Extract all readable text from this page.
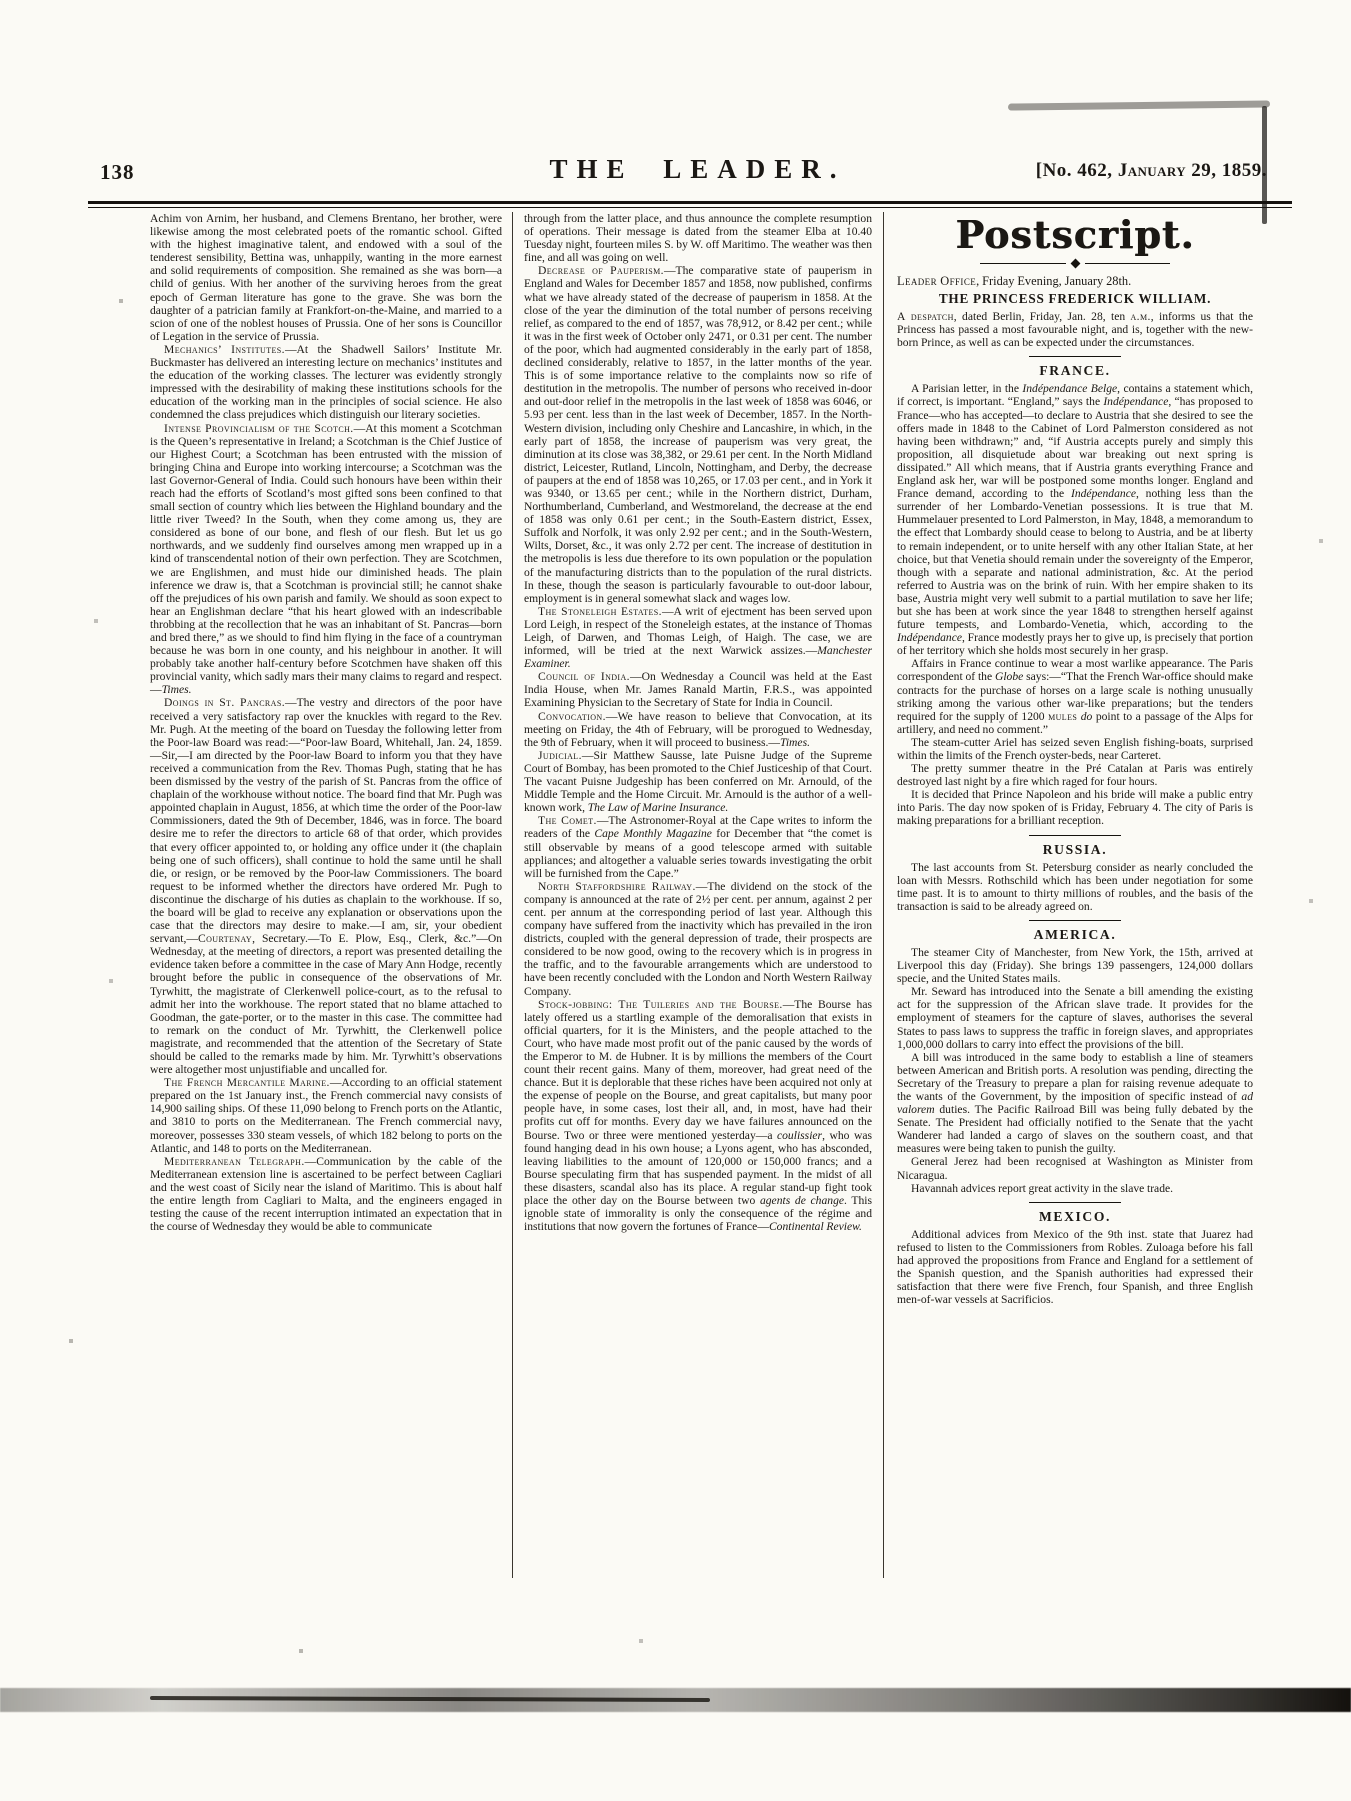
138	THE LEADER.	[No. 462, January 29, 1859.

Achim von Arnim, her husband, and Clemens Brentano, her brother, were likewise among the most celebrated poets of the romantic school. Gifted with the highest imaginative talent, and endowed with a soul of the tenderest sensibility, Bettina was, unhappily, wanting in the more earnest and solid requirements of composition. She remained as she was born—a child of genius. With her another of the surviving heroes from the great epoch of German literature has gone to the grave. She was born the daughter of a patrician family at Frankfort-on-the-Maine, and married to a scion of one of the noblest houses of Prussia. One of her sons is Councillor of Legation in the service of Prussia.

Mechanics’ Institutes.—At the Shadwell Sailors’ Institute Mr. Buckmaster has delivered an interesting lecture on mechanics’ institutes and the education of the working classes. The lecturer was evidently strongly impressed with the desirability of making these institutions schools for the education of the working man in the principles of social science. He also condemned the class prejudices which distinguish our literary societies.

Intense Provincialism of the Scotch.—At this moment a Scotchman is the Queen’s representative in Ireland; a Scotchman is the Chief Justice of our Highest Court; a Scotchman has been entrusted with the mission of bringing China and Europe into working intercourse; a Scotchman was the last Governor-General of India. Could such honours have been within their reach had the efforts of Scotland’s most gifted sons been confined to that small section of country which lies between the Highland boundary and the little river Tweed? In the South, when they come among us, they are considered as bone of our bone, and flesh of our flesh. But let us go northwards, and we suddenly find ourselves among men wrapped up in a kind of transcendental notion of their own perfection. They are Scotchmen, we are Englishmen, and must hide our diminished heads. The plain inference we draw is, that a Scotchman is provincial still; he cannot shake off the prejudices of his own parish and family. We should as soon expect to hear an Englishman declare “that his heart glowed with an indescribable throbbing at the recollection that he was an inhabitant of St. Pancras—born and bred there,” as we should to find him flying in the face of a countryman because he was born in one county, and his neighbour in another. It will probably take another half-century before Scotchmen have shaken off this provincial vanity, which sadly mars their many claims to regard and respect.—Times.

Doings in St. Pancras.—The vestry and directors of the poor have received a very satisfactory rap over the knuckles with regard to the Rev. Mr. Pugh. At the meeting of the board on Tuesday the following letter from the Poor-law Board was read:—“Poor-law Board, Whitehall, Jan. 24, 1859.—Sir,—I am directed by the Poor-law Board to inform you that they have received a communication from the Rev. Thomas Pugh, stating that he has been dismissed by the vestry of the parish of St. Pancras from the office of chaplain of the workhouse without notice. The board find that Mr. Pugh was appointed chaplain in August, 1856, at which time the order of the Poor-law Commissioners, dated the 9th of December, 1846, was in force. The board desire me to refer the directors to article 68 of that order, which provides that every officer appointed to, or holding any office under it (the chaplain being one of such officers), shall continue to hold the same until he shall die, or resign, or be removed by the Poor-law Commissioners. The board request to be informed whether the directors have ordered Mr. Pugh to discontinue the discharge of his duties as chaplain to the workhouse. If so, the board will be glad to receive any explanation or observations upon the case that the directors may desire to make.—I am, sir, your obedient servant,—Courtenay, Secretary.—To E. Plow, Esq., Clerk, &c.”—On Wednesday, at the meeting of directors, a report was presented detailing the evidence taken before a committee in the case of Mary Ann Hodge, recently brought before the public in consequence of the observations of Mr. Tyrwhitt, the magistrate of Clerkenwell police-court, as to the refusal to admit her into the workhouse. The report stated that no blame attached to Goodman, the gate-porter, or to the master in this case. The committee had to remark on the conduct of Mr. Tyrwhitt, the Clerkenwell police magistrate, and recommended that the attention of the Secretary of State should be called to the remarks made by him. Mr. Tyrwhitt’s observations were altogether most unjustifiable and uncalled for.

The French Mercantile Marine.—According to an official statement prepared on the 1st January inst., the French commercial navy consists of 14,900 sailing ships. Of these 11,090 belong to French ports on the Atlantic, and 3810 to ports on the Mediterranean. The French commercial navy, moreover, possesses 330 steam vessels, of which 182 belong to ports on the Atlantic, and 148 to ports on the Mediterranean.

Mediterranean Telegraph.—Communication by the cable of the Mediterranean extension line is ascertained to be perfect between Cagliari and the west coast of Sicily near the island of Maritimo. This is about half the entire length from Cagliari to Malta, and the engineers engaged in testing the cause of the recent interruption intimated an expectation that in the course of Wednesday they would be able to communicate

through from the latter place, and thus announce the complete resumption of operations. Their message is dated from the steamer Elba at 10.40 Tuesday night, fourteen miles S. by W. off Maritimo. The weather was then fine, and all was going on well.

Decrease of Pauperism.—The comparative state of pauperism in England and Wales for December 1857 and 1858, now published, confirms what we have already stated of the decrease of pauperism in 1858. At the close of the year the diminution of the total number of persons receiving relief, as compared to the end of 1857, was 78,912, or 8.42 per cent.; while it was in the first week of October only 2471, or 0.31 per cent. The number of the poor, which had augmented considerably in the early part of 1858, declined considerably, relative to 1857, in the latter months of the year. This is of some importance relative to the complaints now so rife of destitution in the metropolis. The number of persons who received in-door and out-door relief in the metropolis in the last week of 1858 was 6046, or 5.93 per cent. less than in the last week of December, 1857. In the North-Western division, including only Cheshire and Lancashire, in which, in the early part of 1858, the increase of pauperism was very great, the diminution at its close was 38,382, or 29.61 per cent. In the North Midland district, Leicester, Rutland, Lincoln, Nottingham, and Derby, the decrease of paupers at the end of 1858 was 10,265, or 17.03 per cent., and in York it was 9340, or 13.65 per cent.; while in the Northern district, Durham, Northumberland, Cumberland, and Westmoreland, the decrease at the end of 1858 was only 0.61 per cent.; in the South-Eastern district, Essex, Suffolk and Norfolk, it was only 2.92 per cent.; and in the South-Western, Wilts, Dorset, &c., it was only 2.72 per cent. The increase of destitution in the metropolis is less due therefore to its own population or the population of the manufacturing districts than to the population of the rural districts. In these, though the season is particularly favourable to out-door labour, employment is in general somewhat slack and wages low.

The Stoneleigh Estates.—A writ of ejectment has been served upon Lord Leigh, in respect of the Stoneleigh estates, at the instance of Thomas Leigh, of Darwen, and Thomas Leigh, of Haigh. The case, we are informed, will be tried at the next Warwick assizes.—Manchester Examiner.

Council of India.—On Wednesday a Council was held at the East India House, when Mr. James Ranald Martin, F.R.S., was appointed Examining Physician to the Secretary of State for India in Council.

Convocation.—We have reason to believe that Convocation, at its meeting on Friday, the 4th of February, will be prorogued to Wednesday, the 9th of February, when it will proceed to business.—Times.

Judicial.—Sir Matthew Sausse, late Puisne Judge of the Supreme Court of Bombay, has been promoted to the Chief Justiceship of that Court. The vacant Puisne Judgeship has been conferred on Mr. Arnould, of the Middle Temple and the Home Circuit. Mr. Arnould is the author of a well-known work, The Law of Marine Insurance.

The Comet.—The Astronomer-Royal at the Cape writes to inform the readers of the Cape Monthly Magazine for December that “the comet is still observable by means of a good telescope armed with suitable appliances; and altogether a valuable series towards investigating the orbit will be furnished from the Cape.”

North Staffordshire Railway.—The dividend on the stock of the company is announced at the rate of 2½ per cent. per annum, against 2 per cent. per annum at the corresponding period of last year. Although this company have suffered from the inactivity which has prevailed in the iron districts, coupled with the general depression of trade, their prospects are considered to be now good, owing to the recovery which is in progress in the traffic, and to the favourable arrangements which are understood to have been recently concluded with the London and North Western Railway Company.

Stock-jobbing: The Tuileries and the Bourse.—The Bourse has lately offered us a startling example of the demoralisation that exists in official quarters, for it is the Ministers, and the people attached to the Court, who have made most profit out of the panic caused by the words of the Emperor to M. de Hubner. It is by millions the members of the Court count their recent gains. Many of them, moreover, had great need of the chance. But it is deplorable that these riches have been acquired not only at the expense of people on the Bourse, and great capitalists, but many poor people have, in some cases, lost their all, and, in most, have had their profits cut off for months. Every day we have failures announced on the Bourse. Two or three were mentioned yesterday—a coulissier, who was found hanging dead in his own house; a Lyons agent, who has absconded, leaving liabilities to the amount of 120,000 or 150,000 francs; and a Bourse speculating firm that has suspended payment. In the midst of all these disasters, scandal also has its place. A regular stand-up fight took place the other day on the Bourse between two agents de change. This ignoble state of immorality is only the consequence of the régime and institutions that now govern the fortunes of France—Continental Review.

Postscript.

Leader Office, Friday Evening, January 28th.

THE PRINCESS FREDERICK WILLIAM.

A despatch, dated Berlin, Friday, Jan. 28, ten a.m., informs us that the Princess has passed a most favourable night, and is, together with the new-born Prince, as well as can be expected under the circumstances.

FRANCE.

A Parisian letter, in the Indépendance Belge, contains a statement which, if correct, is important. “England,” says the Indépendance, “has proposed to France—who has accepted—to declare to Austria that she desired to see the offers made in 1848 to the Cabinet of Lord Palmerston considered as not having been withdrawn;” and, “if Austria accepts purely and simply this proposition, all disquietude about war breaking out next spring is dissipated.” All which means, that if Austria grants everything France and England ask her, war will be postponed some months longer. England and France demand, according to the Indépendance, nothing less than the surrender of her Lombardo-Venetian possessions. It is true that M. Hummelauer presented to Lord Palmerston, in May, 1848, a memorandum to the effect that Lombardy should cease to belong to Austria, and be at liberty to remain independent, or to unite herself with any other Italian State, at her choice, but that Venetia should remain under the sovereignty of the Emperor, though with a separate and national administration, &c. At the period referred to Austria was on the brink of ruin. With her empire shaken to its base, Austria might very well submit to a partial mutilation to save her life; but she has been at work since the year 1848 to strengthen herself against future tempests, and Lombardo-Venetia, which, according to the Indépendance, France modestly prays her to give up, is precisely that portion of her territory which she holds most securely in her grasp.

Affairs in France continue to wear a most warlike appearance. The Paris correspondent of the Globe says:—“That the French War-office should make contracts for the purchase of horses on a large scale is nothing unusually striking among the various other war-like preparations; but the tenders required for the supply of 1200 mules do point to a passage of the Alps for artillery, and need no comment.”

The steam-cutter Ariel has seized seven English fishing-boats, surprised within the limits of the French oyster-beds, near Carteret.

The pretty summer theatre in the Pré Catalan at Paris was entirely destroyed last night by a fire which raged for four hours.

It is decided that Prince Napoleon and his bride will make a public entry into Paris. The day now spoken of is Friday, February 4. The city of Paris is making preparations for a brilliant reception.

RUSSIA.

The last accounts from St. Petersburg consider as nearly concluded the loan with Messrs. Rothschild which has been under negotiation for some time past. It is to amount to thirty millions of roubles, and the basis of the transaction is said to be already agreed on.

AMERICA.

The steamer City of Manchester, from New York, the 15th, arrived at Liverpool this day (Friday). She brings 139 passengers, 124,000 dollars specie, and the United States mails.

Mr. Seward has introduced into the Senate a bill amending the existing act for the suppression of the African slave trade. It provides for the employment of steamers for the capture of slaves, authorises the several States to pass laws to suppress the traffic in foreign slaves, and appropriates 1,000,000 dollars to carry into effect the provisions of the bill.

A bill was introduced in the same body to establish a line of steamers between American and British ports. A resolution was pending, directing the Secretary of the Treasury to prepare a plan for raising revenue adequate to the wants of the Government, by the imposition of specific instead of ad valorem duties. The Pacific Railroad Bill was being fully debated by the Senate. The President had officially notified to the Senate that the yacht Wanderer had landed a cargo of slaves on the southern coast, and that measures were being taken to punish the guilty.

General Jerez had been recognised at Washington as Minister from Nicaragua.

Havannah advices report great activity in the slave trade.

MEXICO.

Additional advices from Mexico of the 9th inst. state that Juarez had refused to listen to the Commissioners from Robles. Zuloaga before his fall had approved the propositions from France and England for a settlement of the Spanish question, and the Spanish authorities had expressed their satisfaction that there were five French, four Spanish, and three English men-of-war vessels at Sacrificios.
